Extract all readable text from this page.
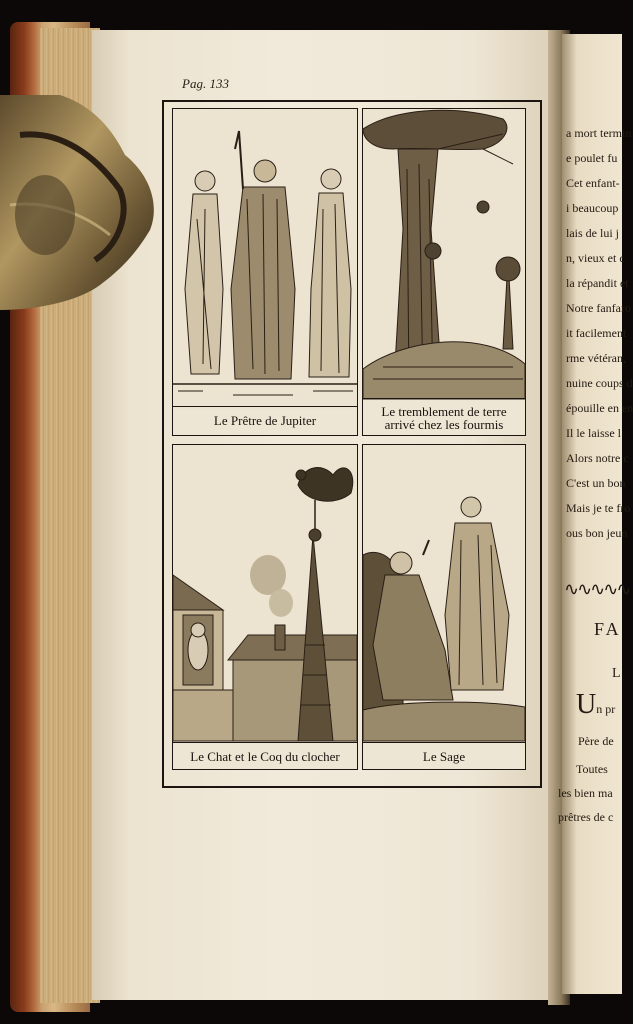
a mort termin
e poulet fu
Cet enfant-
i beaucoup
lais de lui j
n, vieux et c
la répandit et
Notre fanfaro
it facilement
rme vétéran,
nuine coups d
épouille en en
Il le laisse l
Alors notre c
C'est un bon
Mais je te fro
ous bon jeun
∿∿∿∿∿
FA
L
Un pr
Père de
Toutes
les bien ma
prêtres de c
Pag. 133
Le Prêtre de Jupiter
Le tremblement de terre
arrivé chez les fourmis
Le Chat et le Coq du clocher	Le Sage
